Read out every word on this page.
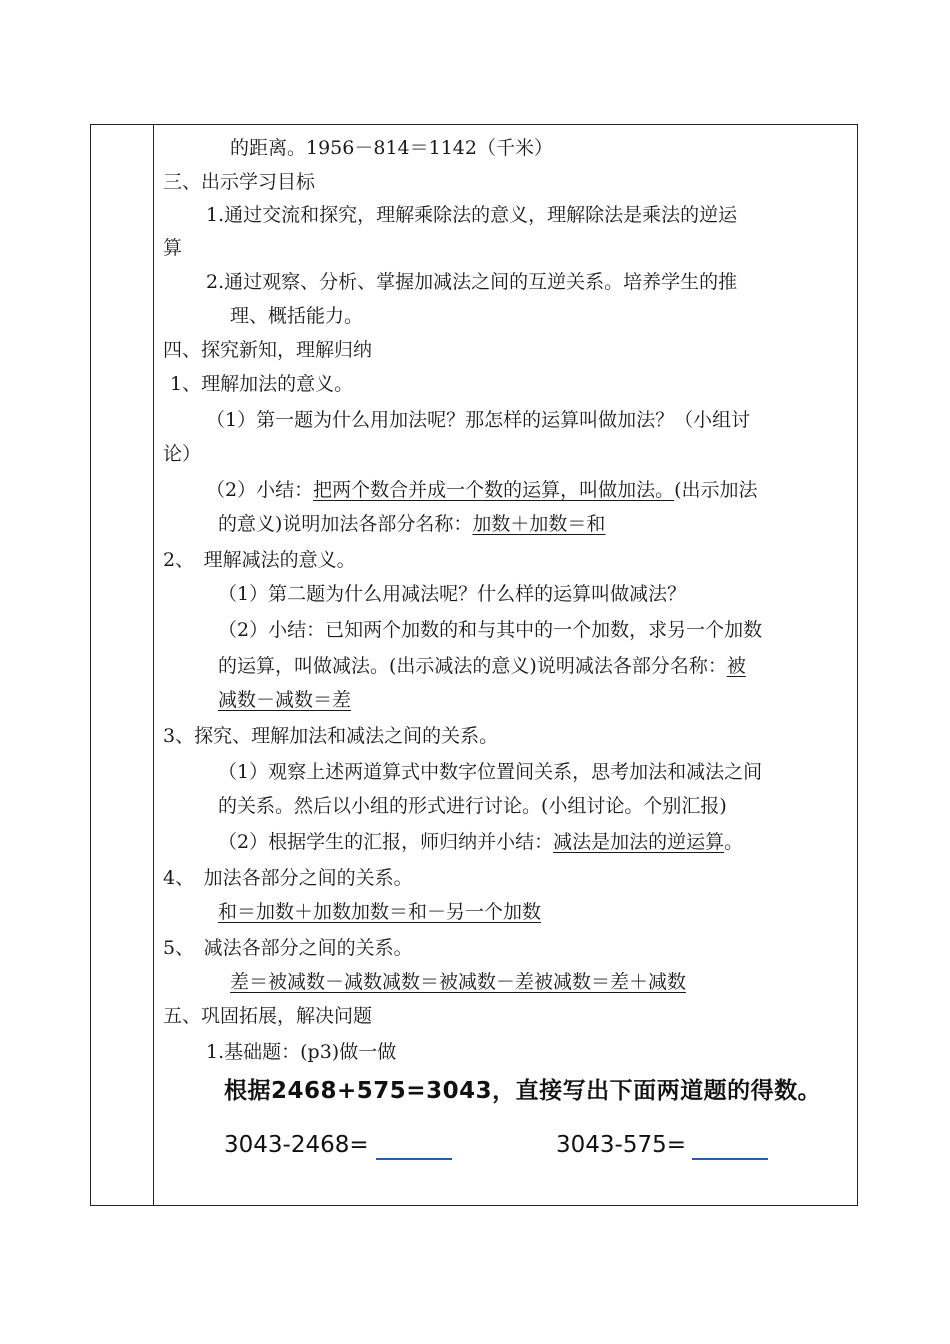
的距离。1956－814＝1142（千米）
三、出示学习目标
1.通过交流和探究，理解乘除法的意义，理解除法是乘法的逆运
算
2.通过观察、分析、掌握加减法之间的互逆关系。培养学生的推
理、概括能力。
四、探究新知，理解归纳
1、理解加法的意义。
（1）第一题为什么用加法呢？那怎样的运算叫做加法？（小组讨
论）
（2）小结：把两个数合并成一个数的运算，叫做加法。(出示加法
的意义)说明加法各部分名称：加数＋加数＝和
2、　理解减法的意义。
（1）第二题为什么用减法呢？什么样的运算叫做减法？
（2）小结：已知两个加数的和与其中的一个加数，求另一个加数
的运算，叫做减法。(出示减法的意义)说明减法各部分名称：被
减数－减数＝差
3、探究、理解加法和减法之间的关系。
（1）观察上述两道算式中数字位置间关系，思考加法和减法之间
的关系。然后以小组的形式进行讨论。(小组讨论。个别汇报)
（2）根据学生的汇报，师归纳并小结：减法是加法的逆运算。
4、　加法各部分之间的关系。
和＝加数＋加数加数＝和－另一个加数
5、　减法各部分之间的关系。
差＝被减数－减数减数＝被减数－差被减数＝差＋减数
五、巩固拓展，解决问题
1.基础题：(p3)做一做
根据2468+575=3043，直接写出下面两道题的得数。
3043-2468=	3043-575=
